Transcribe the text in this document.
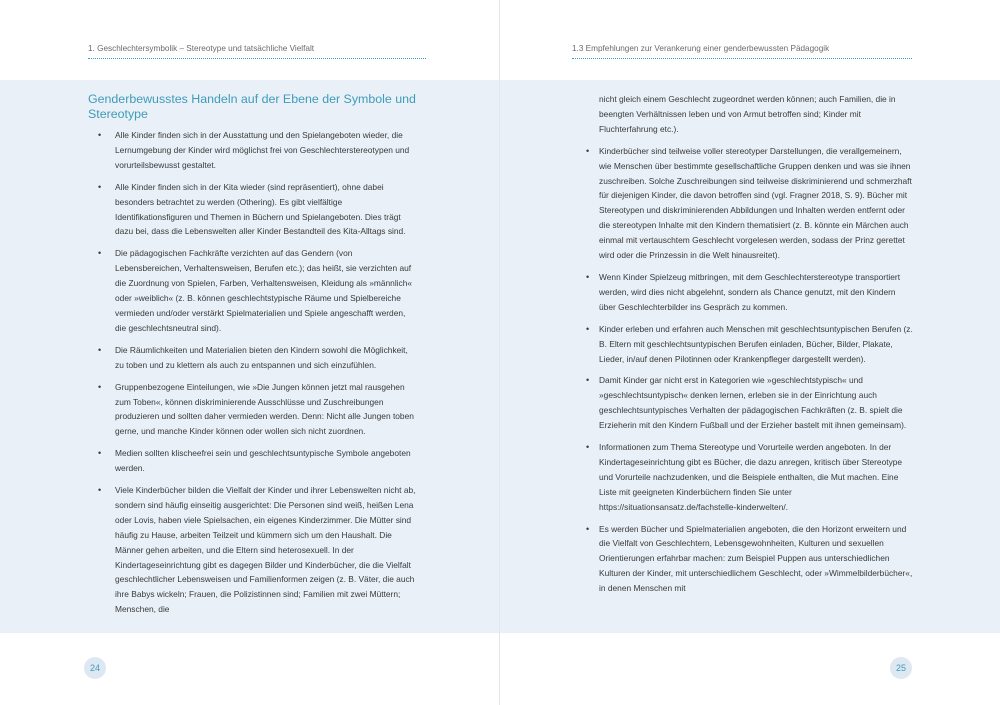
1. Geschlechtersymbolik – Stereotype und tatsächliche Vielfalt
Genderbewusstes Handeln auf der Ebene der Symbole und Stereotype
• Alle Kinder finden sich in der Ausstattung und den Spielangeboten wieder, die Lernumgebung der Kinder wird möglichst frei von Geschlechterstereotypen und vorurteilsbewusst gestaltet.
• Alle Kinder finden sich in der Kita wieder (sind repräsentiert), ohne dabei besonders betrachtet zu werden (Othering). Es gibt vielfältige Identifikationsfiguren und Themen in Büchern und Spielangeboten. Dies trägt dazu bei, dass die Lebenswelten aller Kinder Bestandteil des Kita-Alltags sind.
• Die pädagogischen Fachkräfte verzichten auf das Gendern (von Lebensbereichen, Verhaltensweisen, Berufen etc.); das heißt, sie verzichten auf die Zuordnung von Spielen, Farben, Verhaltensweisen, Kleidung als »männlich« oder »weiblich« (z. B. können geschlechtstypische Räume und Spielbereiche vermieden und/oder verstärkt Spielmaterialien und Spiele angeschafft werden, die geschlechtsneutral sind).
• Die Räumlichkeiten und Materialien bieten den Kindern sowohl die Möglichkeit, zu toben und zu klettern als auch zu entspannen und sich einzufühlen.
• Gruppenbezogene Einteilungen, wie »Die Jungen können jetzt mal rausgehen zum Toben«, können diskriminierende Ausschlüsse und Zuschreibungen produzieren und sollten daher vermieden werden. Denn: Nicht alle Jungen toben gerne, und manche Kinder können oder wollen sich nicht zuordnen.
• Medien sollten klischeefrei sein und geschlechtsuntypische Symbole angeboten werden.
• Viele Kinderbücher bilden die Vielfalt der Kinder und ihrer Lebenswelten nicht ab, sondern sind häufig einseitig ausgerichtet: Die Personen sind weiß, heißen Lena oder Lovis, haben viele Spielsachen, ein eigenes Kinderzimmer. Die Mütter sind häufig zu Hause, arbeiten Teilzeit und kümmern sich um den Haushalt. Die Männer gehen arbeiten, und die Eltern sind heterosexuell. In der Kindertageseinrichtung gibt es dagegen Bilder und Kinderbücher, die die Vielfalt geschlechtlicher Lebensweisen und Familienformen zeigen (z. B. Väter, die auch ihre Babys wickeln; Frauen, die Polizistinnen sind; Familien mit zwei Müttern; Menschen, die
24
1.3 Empfehlungen zur Verankerung einer genderbewussten Pädagogik

nicht gleich einem Geschlecht zugeordnet werden können; auch Familien, die in beengten Verhältnissen leben und von Armut betroffen sind; Kinder mit Fluchterfahrung etc.).

• Kinderbücher sind teilweise voller stereotyper Darstellungen, die verallgemeinern, wie Menschen über bestimmte gesellschaftliche Gruppen denken und was sie ihnen zuschreiben. Solche Zuschreibungen sind teilweise diskriminierend und schmerzhaft für diejenigen Kinder, die davon betroffen sind (vgl. Fragner 2018, S. 9). Bücher mit Stereotypen und diskriminierenden Abbildungen und Inhalten werden entfernt oder die stereotypen Inhalte mit den Kindern thematisiert (z. B. könnte ein Märchen auch einmal mit vertauschtem Geschlecht vorgelesen werden, sodass der Prinz gerettet wird oder die Prinzessin in die Welt hinausreitet).
• Wenn Kinder Spielzeug mitbringen, mit dem Geschlechterstereotype transportiert werden, wird dies nicht abgelehnt, sondern als Chance genutzt, mit den Kindern über Geschlechterbilder ins Gespräch zu kommen.
• Kinder erleben und erfahren auch Menschen mit geschlechtsuntypischen Berufen (z. B. Eltern mit geschlechtsuntypischen Berufen einladen, Bücher, Bilder, Plakate, Lieder, in/auf denen Pilotinnen oder Krankenpfleger dargestellt werden).
• Damit Kinder gar nicht erst in Kategorien wie »geschlechtstypisch« und »geschlechtsuntypisch« denken lernen, erleben sie in der Einrichtung auch geschlechtsuntypisches Verhalten der pädagogischen Fachkräften (z. B. spielt die Erzieherin mit den Kindern Fußball und der Erzieher bastelt mit ihnen gemeinsam).
• Informationen zum Thema Stereotype und Vorurteile werden angeboten. In der Kindertageseinrichtung gibt es Bücher, die dazu anregen, kritisch über Stereotype und Vorurteile nachzudenken, und die Beispiele enthalten, die Mut machen. Eine Liste mit geeigneten Kinderbüchern finden Sie unter https://situationsansatz.de/fachstelle-kinderwelten/.
• Es werden Bücher und Spielmaterialien angeboten, die den Horizont erweitern und die Vielfalt von Geschlechtern, Lebensgewohnheiten, Kulturen und sexuellen Orientierungen erfahrbar machen: zum Beispiel Puppen aus unterschiedlichen Kulturen der Kinder, mit unterschiedlichem Geschlecht, oder »Wimmelbilderbücher«, in denen Menschen mit
25
